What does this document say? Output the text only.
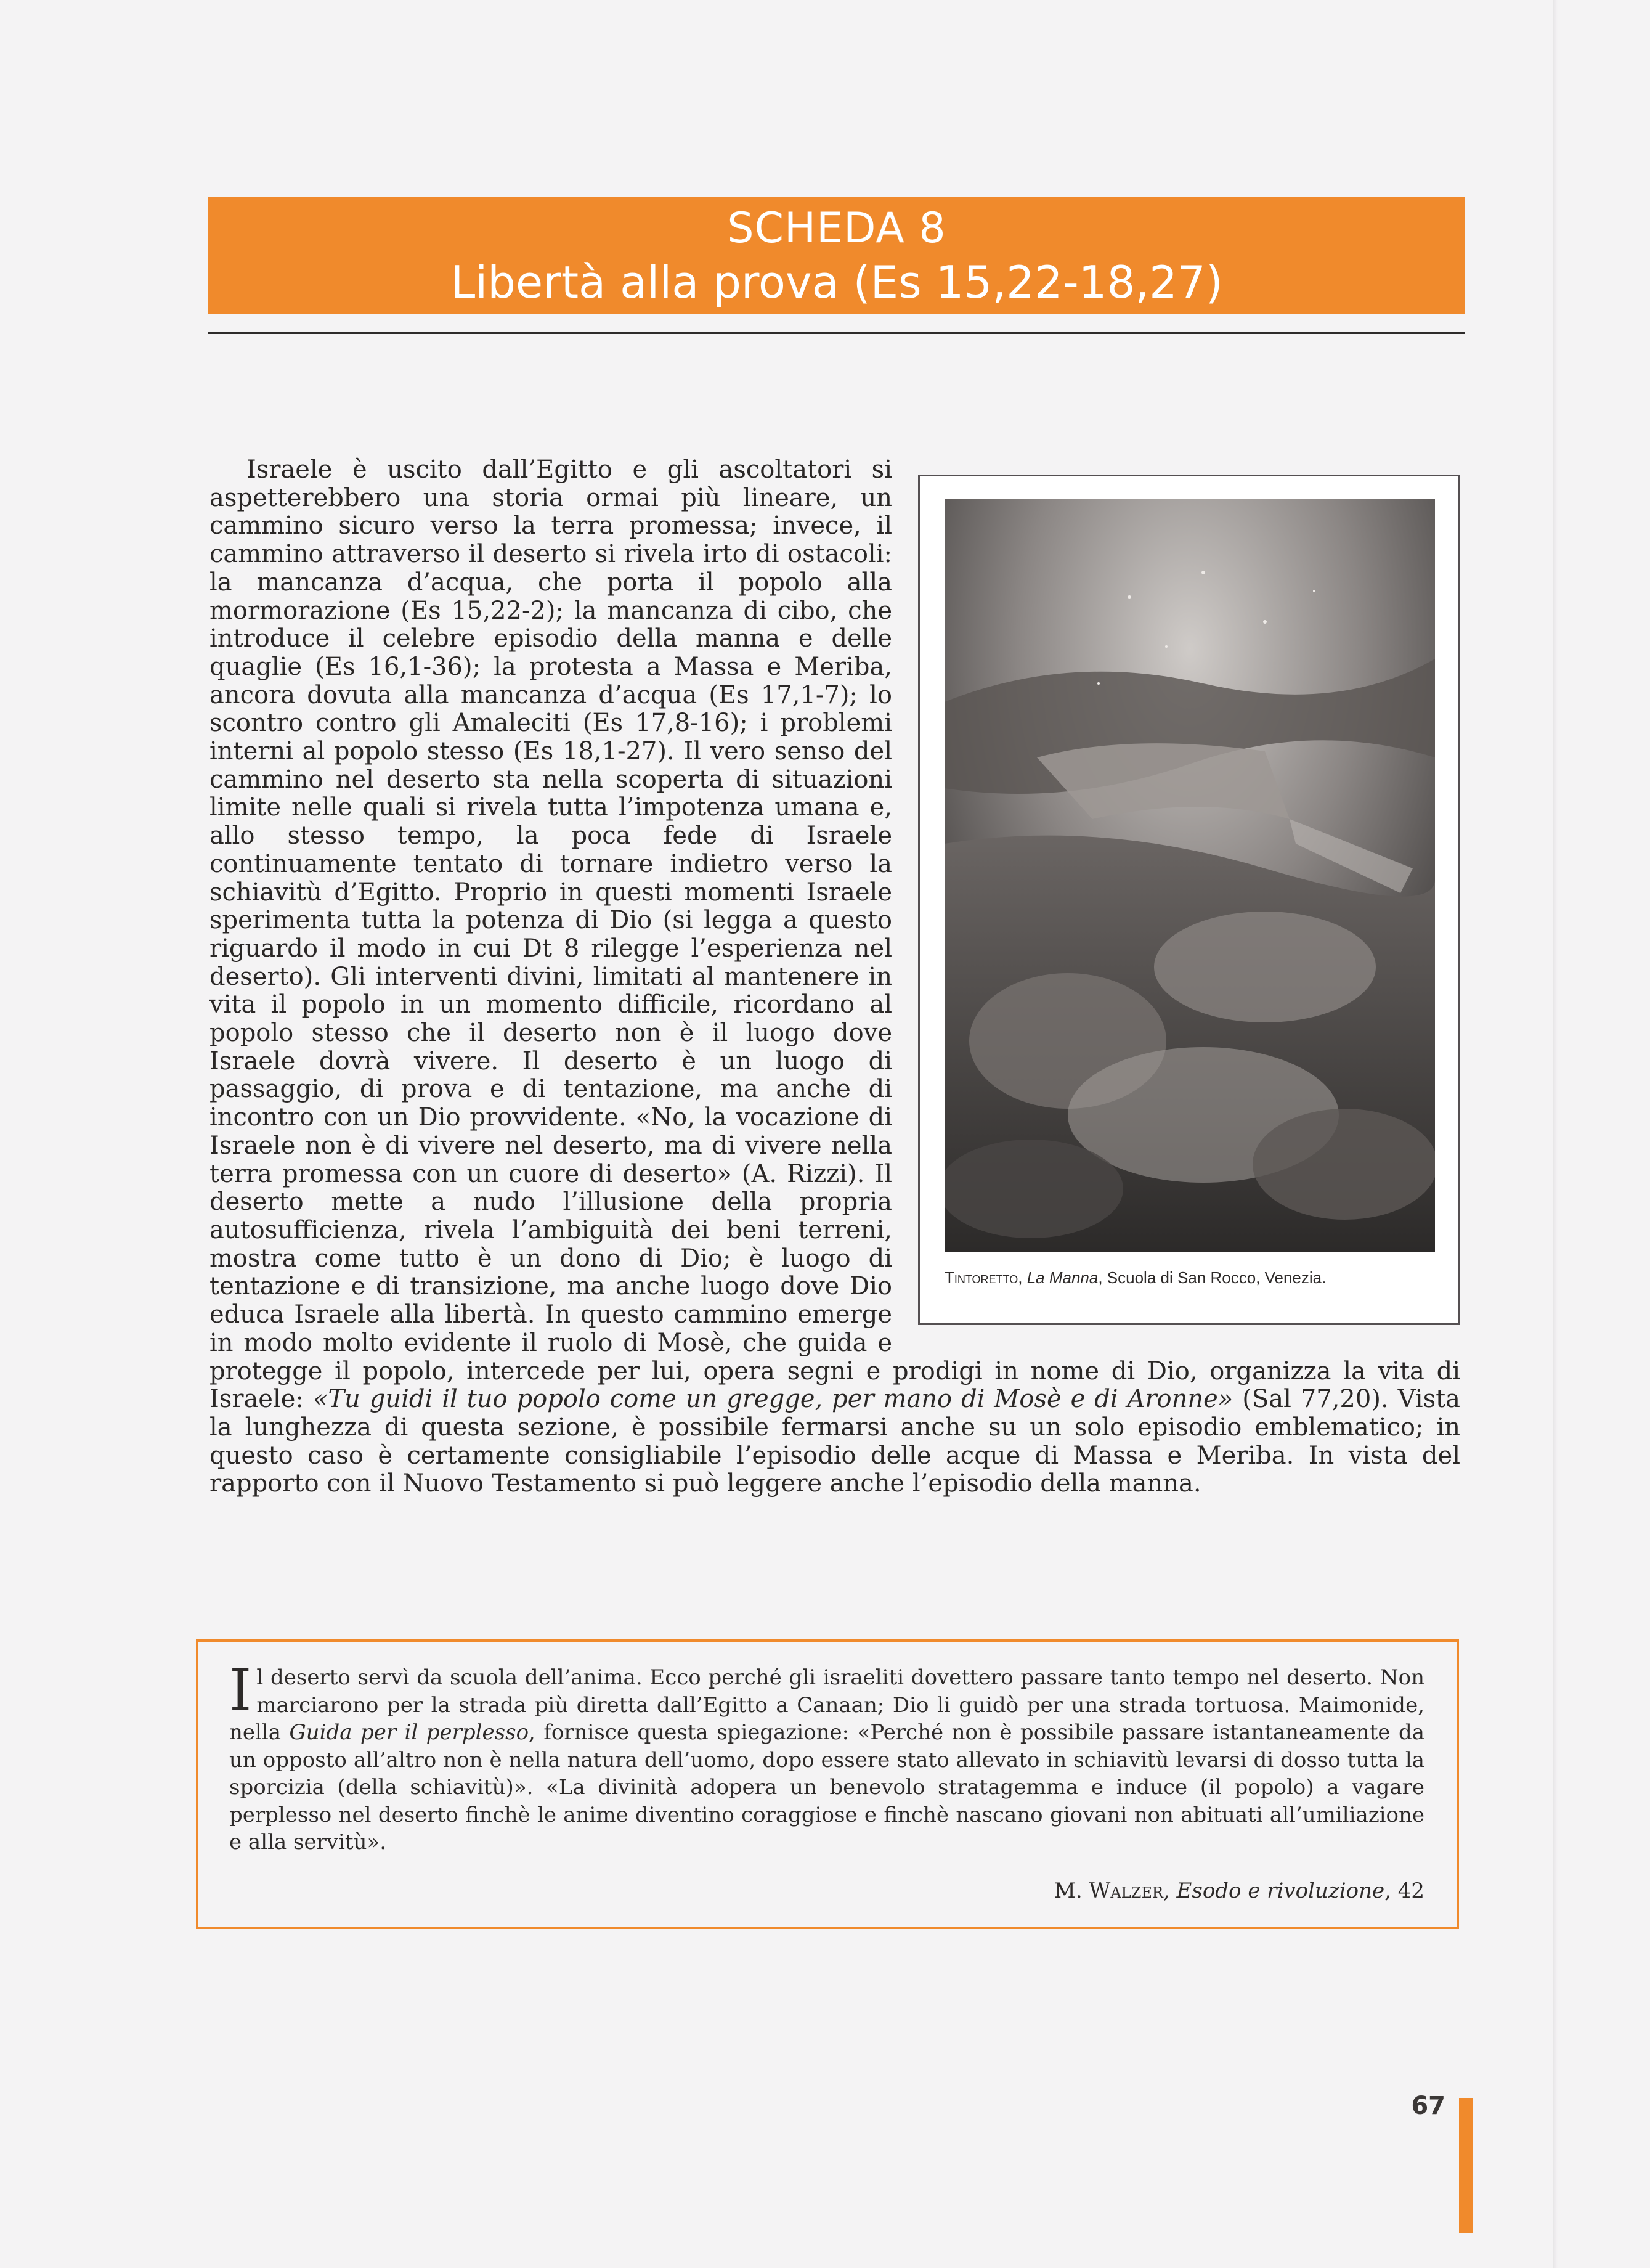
SCHEDA 8
Libertà alla prova (Es 15,22-18,27)
Tintoretto, La Manna, Scuola di San Rocco, Venezia.

Israele è uscito dall’Egitto e gli ascoltatori si aspetterebbero una storia ormai più lineare, un cammino sicuro verso la terra promessa; invece, il cammino attraverso il deserto si rivela irto di ostacoli: la mancanza d’acqua, che porta il popolo alla mormorazione (Es 15,22-2); la mancanza di cibo, che introduce il celebre episodio della manna e delle quaglie (Es 16,1-36); la protesta a Massa e Meriba, ancora dovuta alla mancanza d’acqua (Es 17,1-7); lo scontro contro gli Amaleciti (Es 17,8-16); i problemi interni al popolo stesso (Es 18,1-27). Il vero senso del cammino nel deserto sta nella scoperta di situazioni limite nelle quali si rivela tutta l’impotenza umana e, allo stesso tempo, la poca fede di Israele continuamente tentato di tornare indietro verso la schiavitù d’Egitto. Proprio in questi momenti Israele sperimenta tutta la potenza di Dio (si legga a questo riguardo il modo in cui Dt 8 rilegge l’esperienza nel deserto). Gli interventi divini, limitati al mantenere in vita il popolo in un momento difficile, ricordano al popolo stesso che il deserto non è il luogo dove Israele dovrà vivere. Il deserto è un luogo di passaggio, di prova e di tentazione, ma anche di incontro con un Dio provvidente. «No, la vocazione di Israele non è di vivere nel deserto, ma di vivere nella terra promessa con un cuore di deserto» (A. Rizzi). Il deserto mette a nudo l’illusione della propria autosufficienza, rivela l’ambiguità dei beni terreni, mostra come tutto è un dono di Dio; è luogo di tentazione e di transizione, ma anche luogo dove Dio educa Israele alla libertà. In questo cammino emerge in modo molto evidente il ruolo di Mosè, che guida e protegge il popolo, intercede per lui, opera segni e prodigi in nome di Dio, organizza la vita di Israele: «Tu guidi il tuo popolo come un gregge, per mano di Mosè e di Aronne» (Sal 77,20). Vista la lunghezza di questa sezione, è possibile fermarsi anche su un solo episodio emblematico; in questo caso è certamente consigliabile l’episodio delle acque di Massa e Meriba. In vista del rapporto con il Nuovo Testamento si può leggere anche l’episodio della manna.

Il deserto servì da scuola dell’anima. Ecco perché gli israeliti dovettero passare tanto tempo nel deserto. Non marciarono per la strada più diretta dall’Egitto a Canaan; Dio li guidò per una strada tortuosa. Maimonide, nella Guida per il perplesso, fornisce questa spiegazione: «Perché non è possibile passare istantaneamente da un opposto all’altro non è nella natura dell’uomo, dopo essere stato allevato in schiavitù levarsi di dosso tutta la sporcizia (della schiavitù)». «La divinità adopera un benevolo stratagemma e induce (il popolo) a vagare perplesso nel deserto finchè le anime diventino coraggiose e finchè nascano giovani non abituati all’umiliazione e alla servitù».
M. Walzer, Esodo e rivoluzione, 42
67
